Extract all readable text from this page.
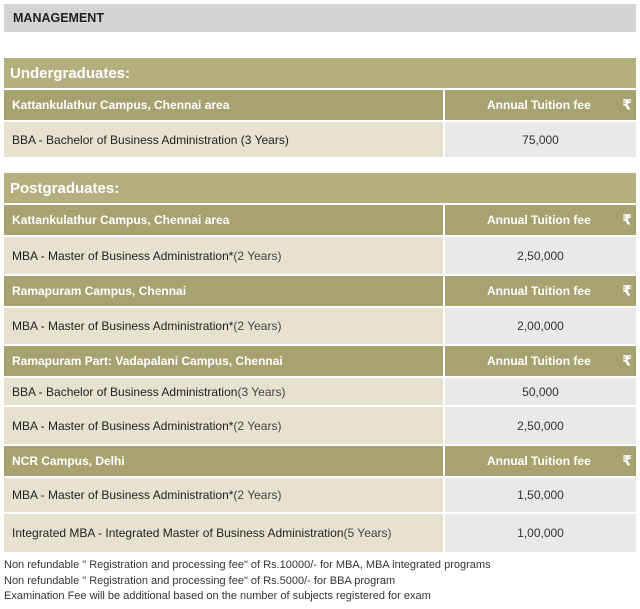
MANAGEMENT
Undergraduates:
Kattankulathur Campus, Chennai area	Annual Tuition fee ₹
BBA - Bachelor of Business Administration (3 Years)	75,000
Postgraduates:
Kattankulathur Campus, Chennai area	Annual Tuition fee ₹
MBA - Master of Business Administration* (2 Years)	2,50,000
Ramapuram Campus, Chennai	Annual Tuition fee ₹
MBA - Master of Business Administration* (2 Years)	2,00,000
Ramapuram Part: Vadapalani Campus, Chennai	Annual Tuition fee ₹
BBA - Bachelor of Business Administration (3 Years)	50,000
MBA - Master of Business Administration* (2 Years)	2,50,000
NCR Campus, Delhi	Annual Tuition fee ₹
MBA - Master of Business Administration* (2 Years)	1,50,000
Integrated MBA - Integrated Master of Business Administration (5 Years)	1,00,000
Non refundable " Registration and processing fee" of Rs.10000/- for MBA, MBA integrated programs
Non refundable " Registration and processing fee" of Rs.5000/- for BBA program
Examination Fee will be additional based on the number of subjects registered for exam
